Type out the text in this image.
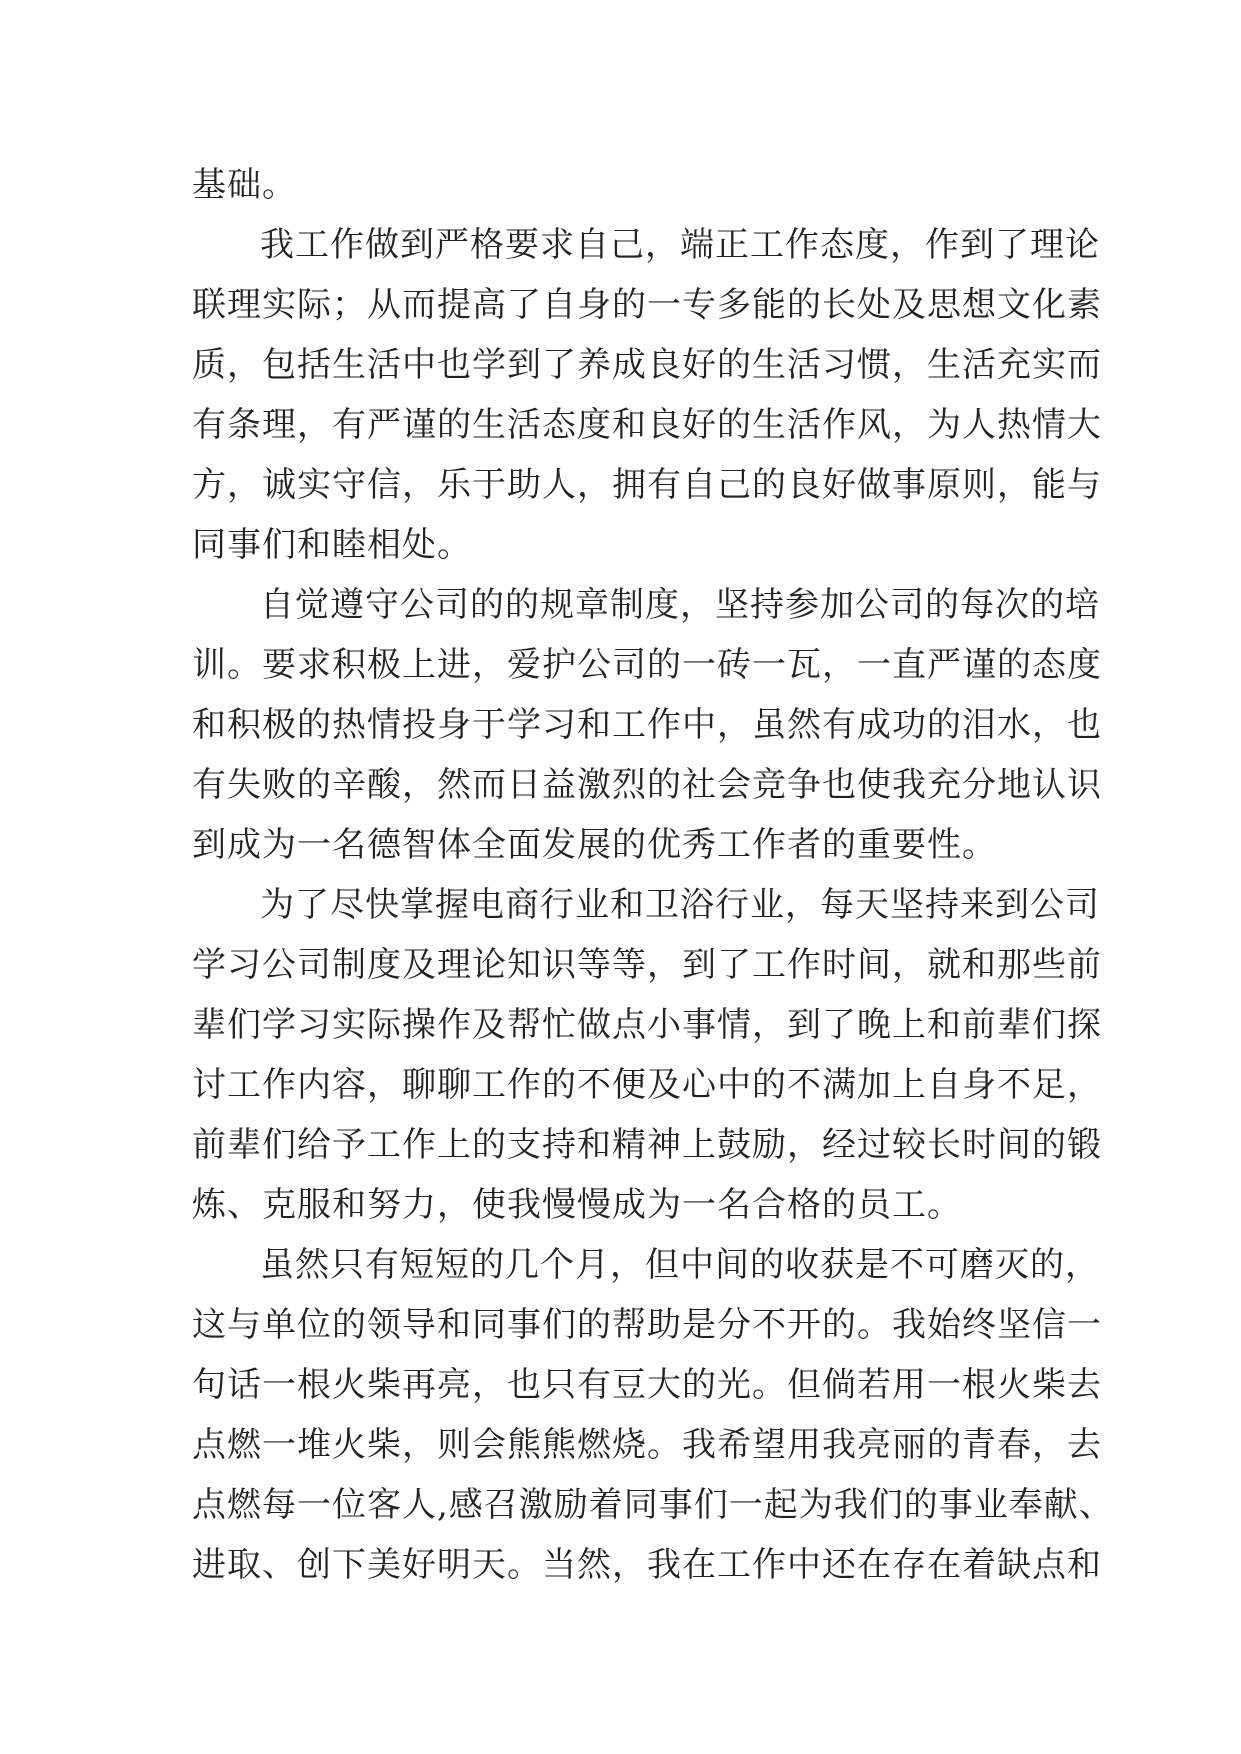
基础。
我工作做到严格要求自己，端正工作态度，作到了理论
联理实际；从而提高了自身的一专多能的长处及思想文化素
质，包括生活中也学到了养成良好的生活习惯，生活充实而
有条理，有严谨的生活态度和良好的生活作风，为人热情大
方，诚实守信，乐于助人，拥有自己的良好做事原则，能与
同事们和睦相处。
自觉遵守公司的的规章制度，坚持参加公司的每次的培
训。要求积极上进，爱护公司的一砖一瓦，一直严谨的态度
和积极的热情投身于学习和工作中，虽然有成功的泪水，也
有失败的辛酸，然而日益激烈的社会竞争也使我充分地认识
到成为一名德智体全面发展的优秀工作者的重要性。
为了尽快掌握电商行业和卫浴行业，每天坚持来到公司
学习公司制度及理论知识等等，到了工作时间，就和那些前
辈们学习实际操作及帮忙做点小事情，到了晚上和前辈们探
讨工作内容，聊聊工作的不便及心中的不满加上自身不足，
前辈们给予工作上的支持和精神上鼓励，经过较长时间的锻
炼、克服和努力，使我慢慢成为一名合格的员工。
虽然只有短短的几个月，但中间的收获是不可磨灭的，
这与单位的领导和同事们的帮助是分不开的。我始终坚信一
句话一根火柴再亮，也只有豆大的光。但倘若用一根火柴去
点燃一堆火柴，则会熊熊燃烧。我希望用我亮丽的青春，去
点燃每一位客人,感召激励着同事们一起为我们的事业奉献、
进取、创下美好明天。当然，我在工作中还在存在着缺点和
